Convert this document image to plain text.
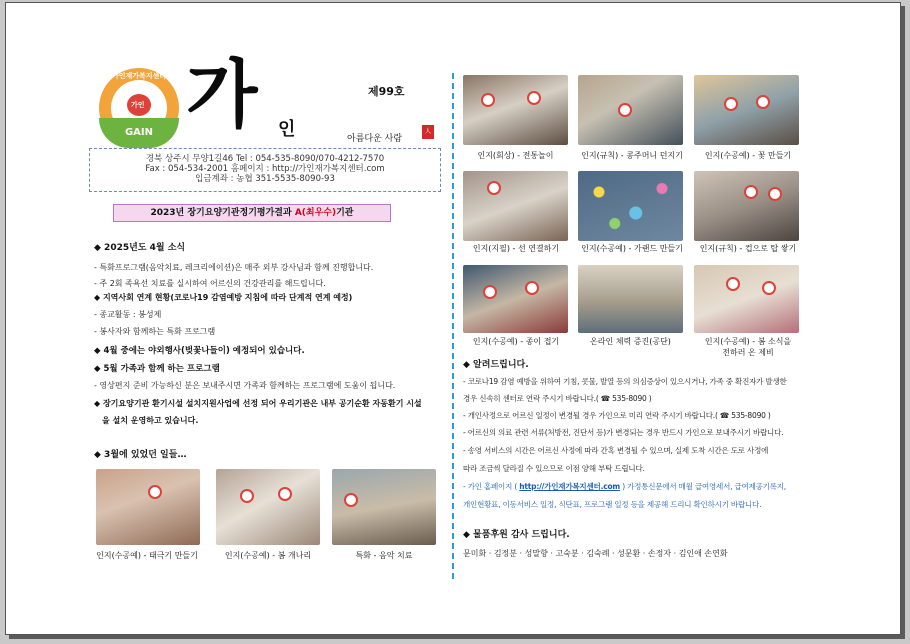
가인재가복지센터
가인
GAIN 가 인
제99호
아름다운 사람
人
경북 상주시 무양1길46 Tel : 054-535-8090/070-4212-7570
Fax : 054-534-2001 홈페이지 : http://가인재가복지센터.com
입금계좌 : 농협 351-5535-8090-93
2023년 장기요양기관정기평가결과 A(최우수)기관
◆ 2025년도 4월 소식
- 특화프로그램(음악치료, 레크리에이션)은 매주 외부 강사님과 함께 진행합니다.
- 주 2회 족욕선 치료를 실시하여 어르신의 건강관리를 해드립니다.
◆ 지역사회 연계 현황(코로나19 감염예방 지침에 따라 단계적 연계 예정)
- 종교활동 : 봉성제
- 봉사자와 함께하는 특화 프로그램
◆ 4월 중에는 야외행사(벚꽃나들이) 예정되어 있습니다.
◆ 5월 가족과 함께 하는 프로그램
- 영상편지 준비 가능하신 분은 보내주시면 가족과 함께하는 프로그램에 도움이 됩니다.
◆ 장기요양기관 환기시설 설치지원사업에 선정 되어 우리기관은 내부 공기순환 자동환기 시설
을 설치 운영하고 있습니다.
◆ 3월에 있었던 일들…
인지(수공예) - 태극기 만들기	인지(수공예) - 봄 개나리	특화 - 음악 치료
인지(회상) - 전통놀이	인지(규칙) - 콩주머니 던지기	인지(수공예) - 꽃 만들기
인지(지필) - 선 연결하기	인지(수공예) - 가랜드 만들기	인지(규칙) - 컵으로 탑 쌓기
인지(수공예) - 종이 접기	온라인 체력 증진(공단)	인지(수공예) - 봄 소식을
전하러 온 제비
◆ 알려드립니다.
- 코로나19 감염 예방을 위하여 기침, 콧물, 발열 등의 의심증상이 있으시거나, 가족 중 확진자가 발생한
경우 신속히 센터로 연락 주시기 바랍니다.( ☎ 535-8090 )
- 개인사정으로 어르신 일정이 변경될 경우 가인으로 미리 연락 주시기 바랍니다.( ☎ 535-8090 )
- 어르신의 의료 관련 서류(처방전, 진단서 등)가 변경되는 경우 반드시 가인으로 보내주시기 바랍니다.
- 송영 서비스의 시간은 어르신 사정에 따라 간혹 변경될 수 있으며, 실제 도착 시간은 도로 사정에
따라 조금씩 달라질 수 있으므로 이점 양해 부탁 드립니다.
- 가인 홈페이지 ( http://가인재가복지센터.com ) 가정통신문에서 매월 급여영세서, 급여제공기록지,
개인현황표, 이동서비스 일정, 식단표, 프로그램 일정 등을 제공해 드리니 확인하시기 바랍니다.
◆ 물품후원 감사 드립니다.
문미화 · 김정분 · 성말향 · 고숙분 · 김숙례 · 성문환 · 손정자 · 김인애 손연화
